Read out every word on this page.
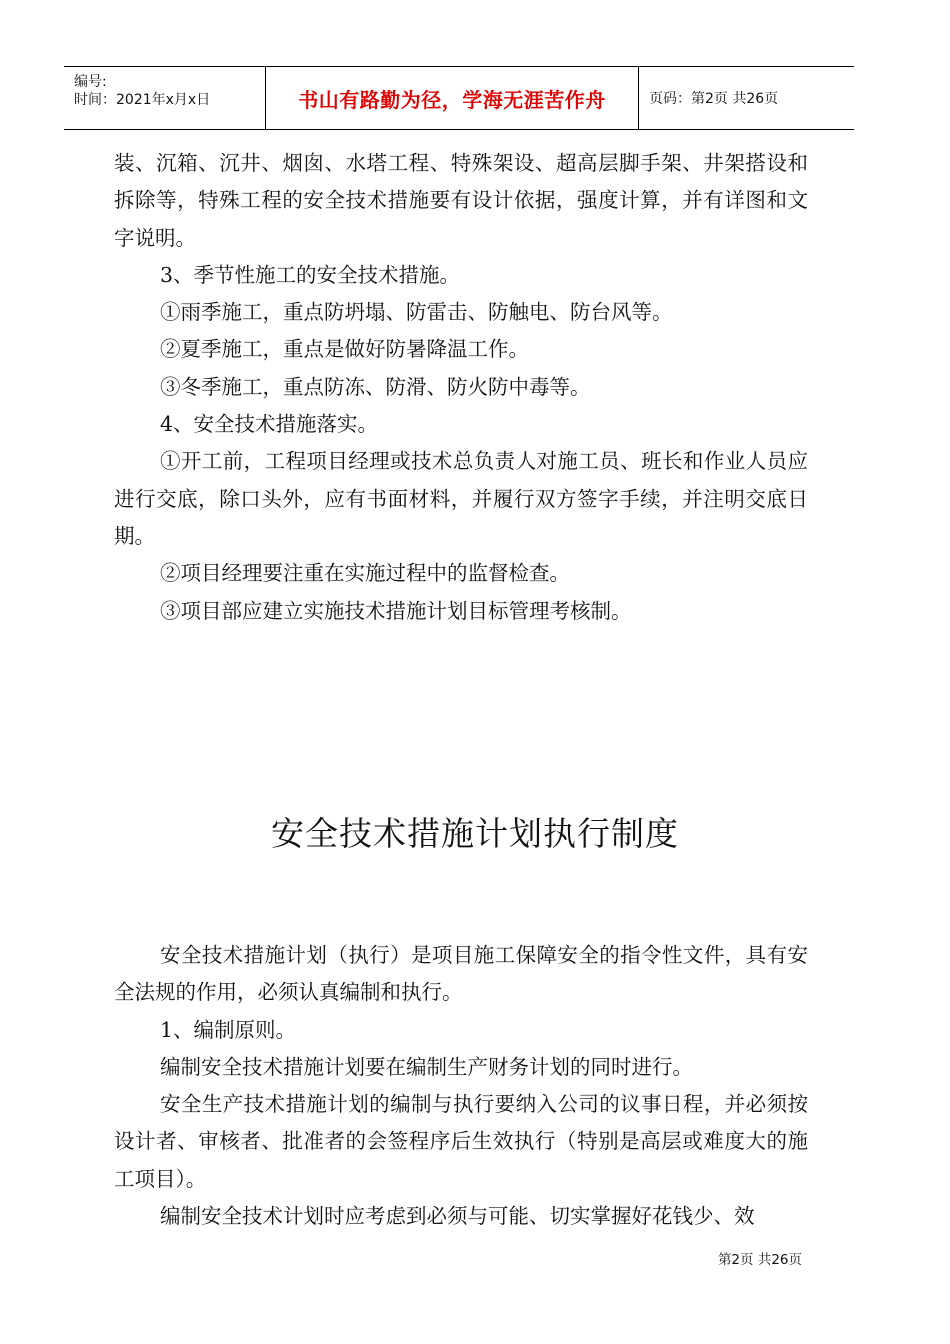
编号:
时间：2021年x月x日	书山有路勤为径，学海无涯苦作舟	页码：第2页 共26页

装、沉箱、沉井、烟囱、水塔工程、特殊架设、超高层脚手架、井架搭设和拆除等，特殊工程的安全技术措施要有设计依据，强度计算，并有详图和文字说明。

3、季节性施工的安全技术措施。

①雨季施工，重点防坍塌、防雷击、防触电、防台风等。

②夏季施工，重点是做好防暑降温工作。

③冬季施工，重点防冻、防滑、防火防中毒等。

4、安全技术措施落实。

①开工前，工程项目经理或技术总负责人对施工员、班长和作业人员应进行交底，除口头外，应有书面材料，并履行双方签字手续，并注明交底日期。

②项目经理要注重在实施过程中的监督检查。

③项目部应建立实施技术措施计划目标管理考核制。

安全技术措施计划执行制度

安全技术措施计划（执行）是项目施工保障安全的指令性文件，具有安全法规的作用，必须认真编制和执行。

1、编制原则。

编制安全技术措施计划要在编制生产财务计划的同时进行。

安全生产技术措施计划的编制与执行要纳入公司的议事日程，并必须按设计者、审核者、批准者的会签程序后生效执行（特别是高层或难度大的施工项目）。

编制安全技术计划时应考虑到必须与可能、切实掌握好花钱少、效

第2页 共26页
